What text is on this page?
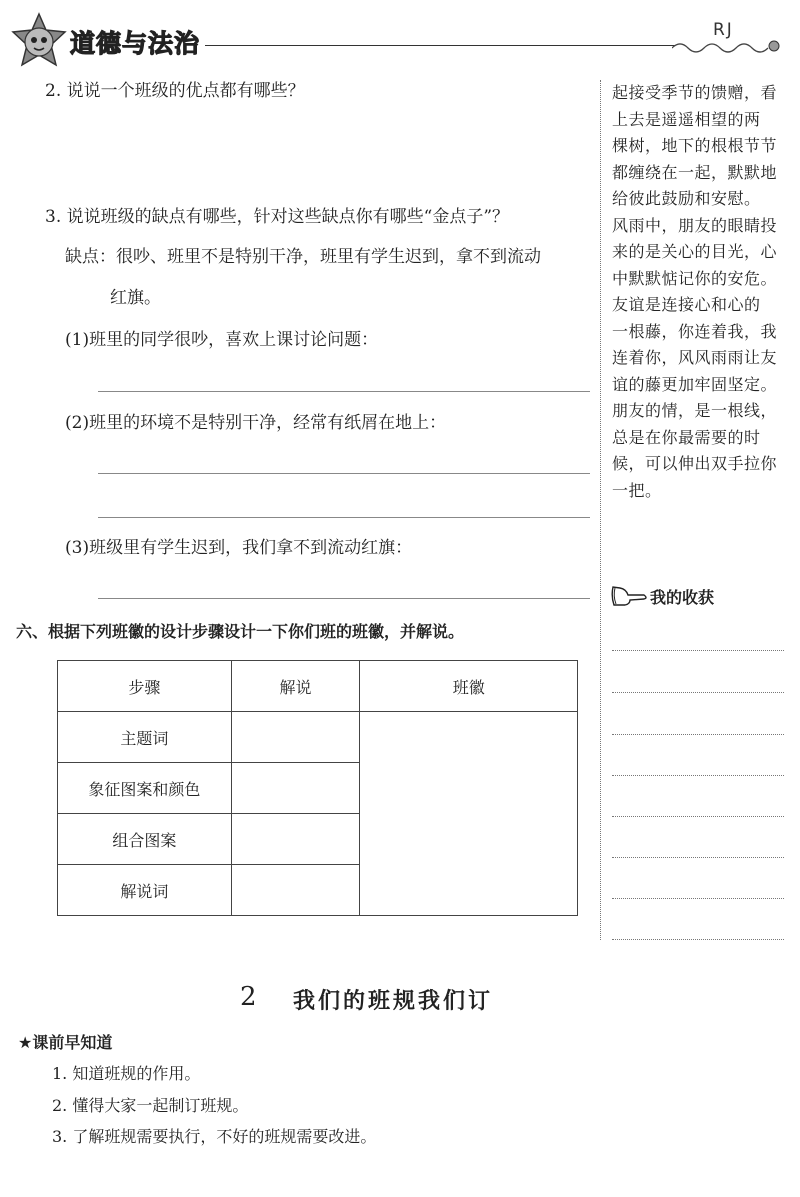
道德与法治	RJ
2. 说说一个班级的优点都有哪些？
3. 说说班级的缺点有哪些，针对这些缺点你有哪些“金点子”？
缺点：很吵、班里不是特别干净，班里有学生迟到，拿不到流动
红旗。
(1)班里的同学很吵，喜欢上课讨论问题：
(2)班里的环境不是特别干净，经常有纸屑在地上：
(3)班级里有学生迟到，我们拿不到流动红旗：
六、根据下列班徽的设计步骤设计一下你们班的班徽，并解说。
步骤	解说	班徽
主题词		
象征图案和颜色		
组合图案		
解说词		
起接受季节的馈赠，看
上去是遥遥相望的两
棵树，地下的根根节节
都缠绕在一起，默默地
给彼此鼓励和安慰。
风雨中，朋友的眼睛投
来的是关心的目光，心
中默默惦记你的安危。
友谊是连接心和心的
一根藤，你连着我，我
连着你，风风雨雨让友
谊的藤更加牢固坚定。
朋友的情，是一根线，
总是在你最需要的时
候，可以伸出双手拉你
一把。
我的收获
2 我们的班规我们订
★课前早知道
1. 知道班规的作用。
2. 懂得大家一起制订班规。
3. 了解班规需要执行，不好的班规需要改进。
